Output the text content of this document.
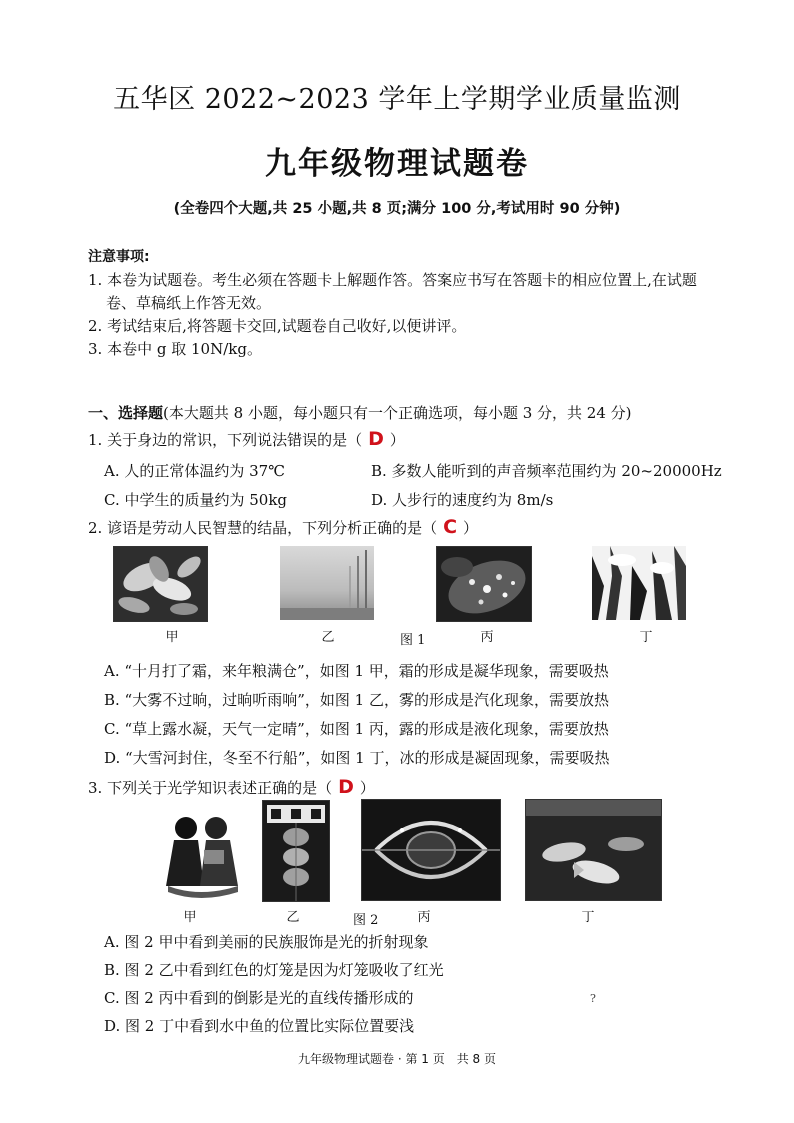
五华区 2022~2023 学年上学期学业质量监测
九年级物理试题卷
(全卷四个大题,共 25 小题,共 8 页;满分 100 分,考试用时 90 分钟)
注意事项:

1. 本卷为试题卷。考生必须在答题卡上解题作答。答案应书写在答题卡的相应位置上,在试题

卷、草稿纸上作答无效。

2. 考试结束后,将答题卡交回,试题卷自己收好,以便讲评。

3. 本卷中 g 取 10N/kg。

一、选择题(本大题共 8 小题，每小题只有一个正确选项，每小题 3 分，共 24 分)
1. 关于身边的常识，下列说法错误的是（ D ）
A. 人的正常体温约为 37℃	B. 多数人能听到的声音频率范围约为 20~20000Hz
C. 中学生的质量约为 50kg	D. 人步行的速度约为 8m/s
2. 谚语是劳动人民智慧的结晶，下列分析正确的是（ C ）
甲	乙	图 1	丙	丁
A. “十月打了霜，来年粮满仓”，如图 1 甲，霜的形成是凝华现象，需要吸热
B. “大雾不过晌，过晌听雨响”，如图 1 乙，雾的形成是汽化现象，需要放热
C. “草上露水凝，天气一定晴”，如图 1 丙，露的形成是液化现象，需要放热
D. “大雪河封住，冬至不行船”，如图 1 丁，冰的形成是凝固现象，需要吸热
3. 下列关于光学知识表述正确的是（ D ）
甲	乙	图 2	丙	丁
A. 图 2 甲中看到美丽的民族服饰是光的折射现象
B. 图 2 乙中看到红色的灯笼是因为灯笼吸收了红光
C. 图 2 丙中看到的倒影是光的直线传播形成的
D. 图 2 丁中看到水中鱼的位置比实际位置要浅
?
九年级物理试题卷 · 第 1 页　共 8 页
